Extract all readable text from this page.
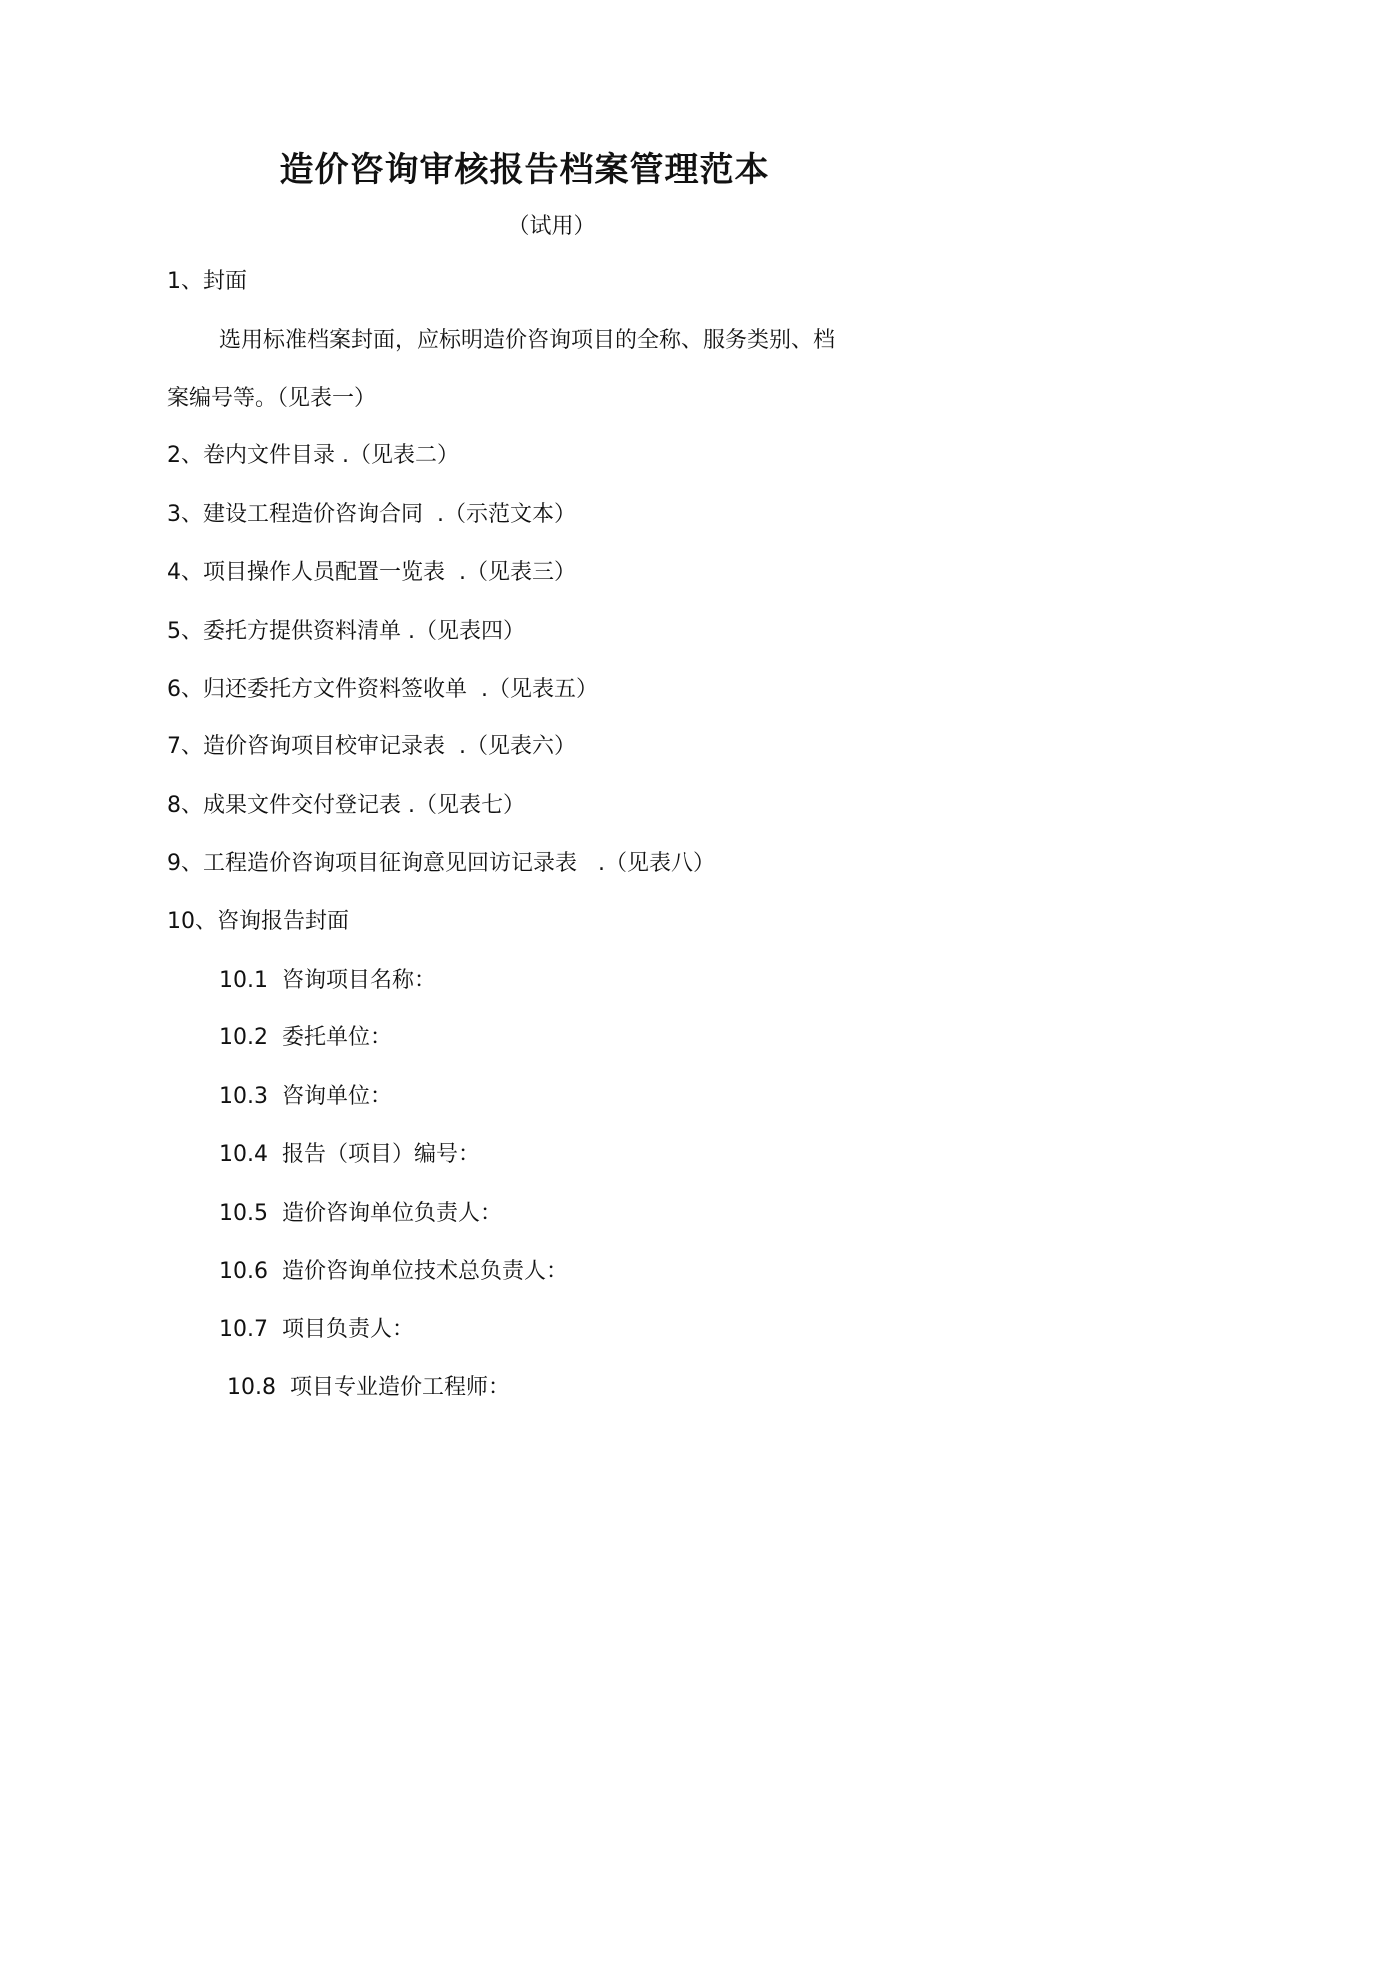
造价咨询审核报告档案管理范本
（试用）
1、封面
选用标准档案封面，应标明造价咨询项目的全称、服务类别、档
案编号等。（见表一）
2、卷内文件目录 .（见表二）
3、建设工程造价咨询合同  .（示范文本）
4、项目操作人员配置一览表  .（见表三）
5、委托方提供资料清单 .（见表四）
6、归还委托方文件资料签收单  .（见表五）
7、造价咨询项目校审记录表  .（见表六）
8、成果文件交付登记表 .（见表七）
9、工程造价咨询项目征询意见回访记录表   .（见表八）
10、咨询报告封面
10.1  咨询项目名称：
10.2  委托单位：
10.3  咨询单位：
10.4  报告（项目）编号：
10.5  造价咨询单位负责人：
10.6  造价咨询单位技术总负责人：
10.7  项目负责人：
10.8  项目专业造价工程师：
